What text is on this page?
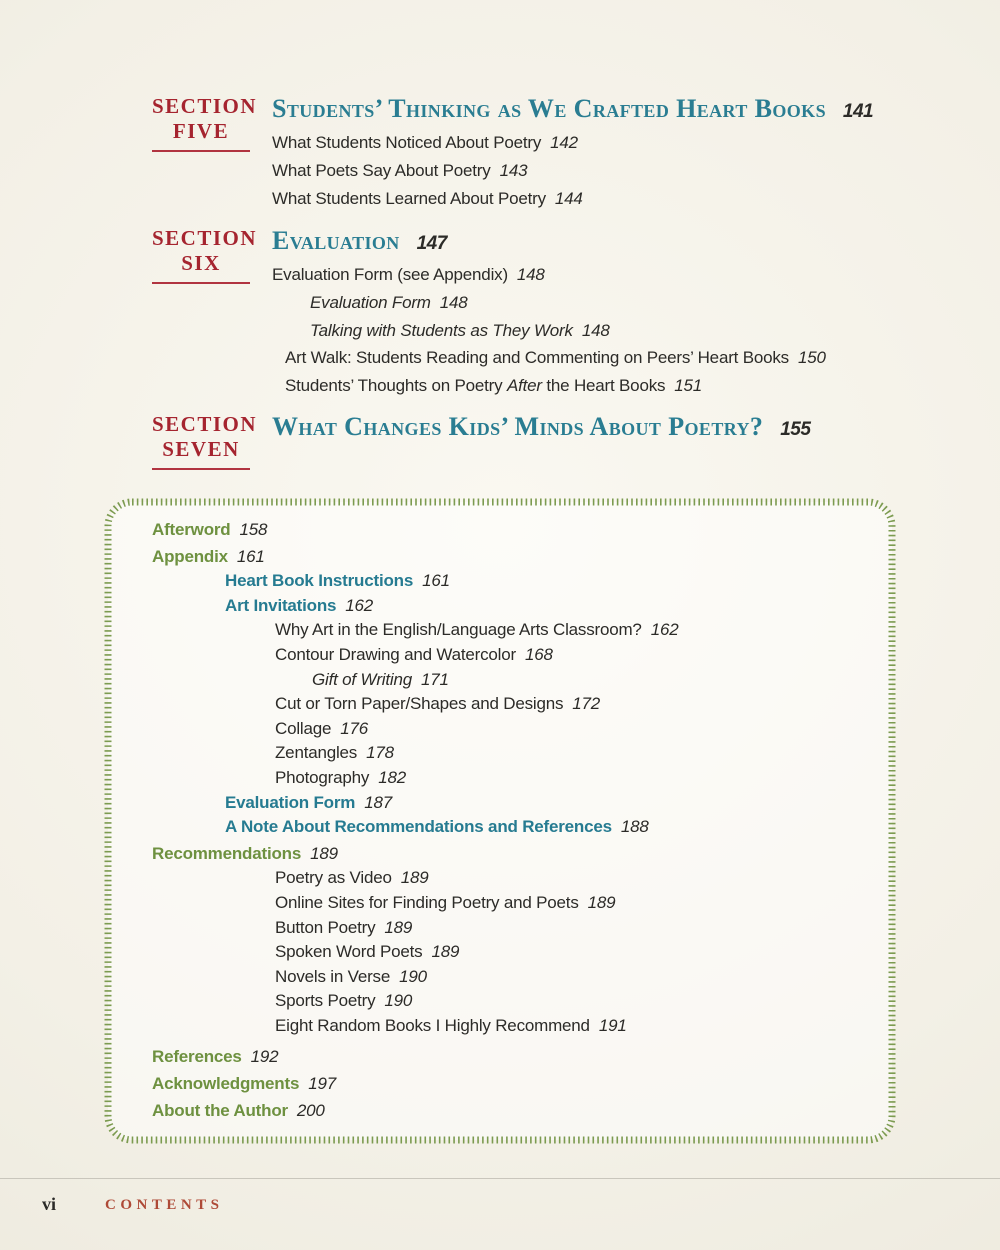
SECTION
FIVE
Students’ Thinking as We Crafted Heart Books 141
What Students Noticed About Poetry 142
What Poets Say About Poetry 143
What Students Learned About Poetry 144
SECTION
SIX
Evaluation 147
Evaluation Form (see Appendix) 148
Evaluation Form 148
Talking with Students as They Work 148
Art Walk: Students Reading and Commenting on Peers’ Heart Books 150
Students’ Thoughts on Poetry After the Heart Books 151
SECTION
SEVEN
What Changes Kids’ Minds About Poetry? 155
Afterword 158
Appendix 161
Heart Book Instructions 161
Art Invitations 162
Why Art in the English/Language Arts Classroom? 162
Contour Drawing and Watercolor 168
Gift of Writing 171
Cut or Torn Paper/Shapes and Designs 172
Collage 176
Zentangles 178
Photography 182
Evaluation Form 187
A Note About Recommendations and References 188
Recommendations 189
Poetry as Video 189
Online Sites for Finding Poetry and Poets 189
Button Poetry 189
Spoken Word Poets 189
Novels in Verse 190
Sports Poetry 190
Eight Random Books I Highly Recommend 191
References 192
Acknowledgments 197
About the Author 200
vi	CONTENTS
